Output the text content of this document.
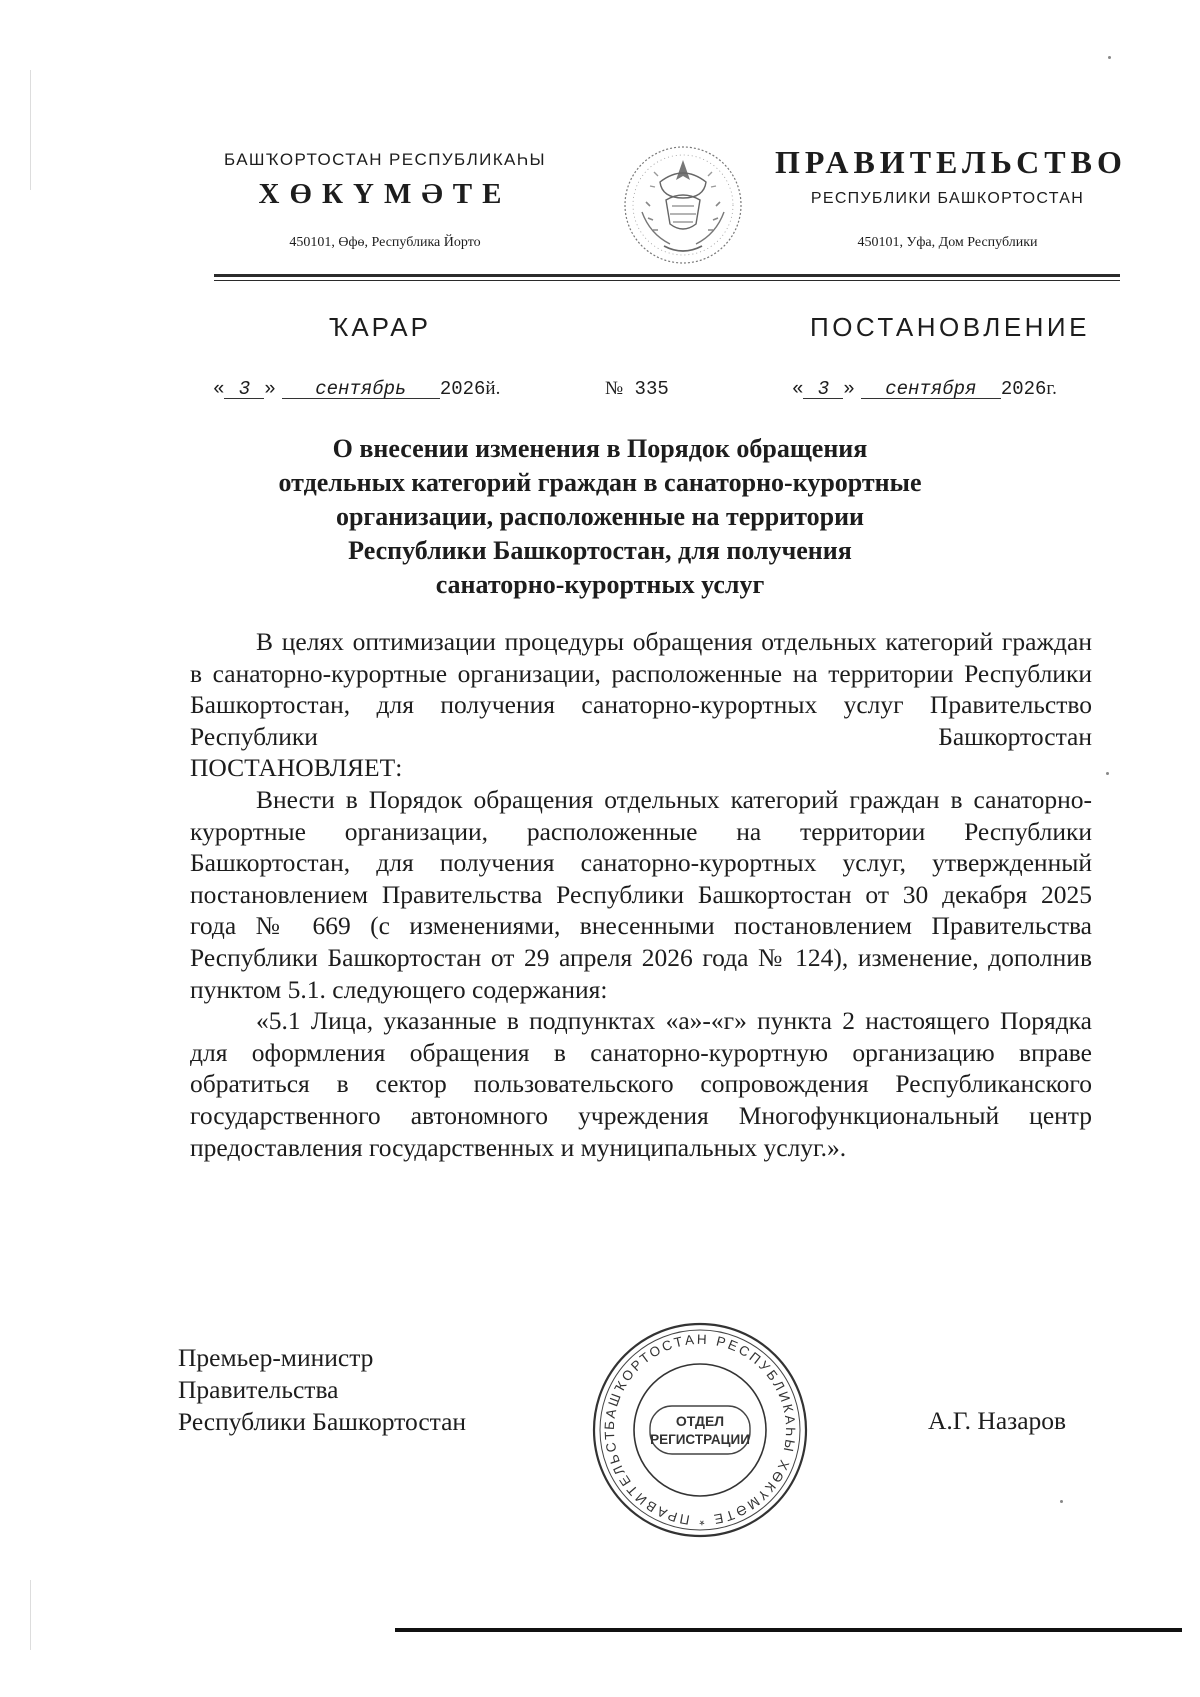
БАШҠОРТОСТАН РЕСПУБЛИКАҺЫ
ХӨКҮМӘТЕ
450101, Өфө, Республика Йорто
ПРАВИТЕЛЬСТВО
РЕСПУБЛИКИ БАШКОРТОСТАН
450101, Уфа, Дом Республики
ҠАРАР	ПОСТАНОВЛЕНИЕ
« 3 » сентябрь 2026й.	№ 335	« 3 » сентября 2026г.
О внесении изменения в Порядок обращения
отдельных категорий граждан в санаторно-курортные
организации, расположенные на территории
Республики Башкортостан, для получения
санаторно-курортных услуг

В целях оптимизации процедуры обращения отдельных категорий граждан в санаторно-курортные организации, расположенные на территории Республики Башкортостан, для получения санаторно-курортных услуг Правительство Республики Башкортостан

ПОСТАНОВЛЯЕТ:

Внести в Порядок обращения отдельных категорий граждан в санаторно-курортные организации, расположенные на территории Республики Башкортостан, для получения санаторно-курортных услуг, утвержденный постановлением Правительства Республики Башкортостан от 30 декабря 2025 года № 669 (с изменениями, внесенными постановлением Правительства Республики Башкортостан от 29 апреля 2026 года № 124), изменение, дополнив пунктом 5.1. следующего содержания:

«5.1 Лица, указанные в подпунктах «а»-«г» пункта 2 настоящего Порядка для оформления обращения в санаторно-курортную организацию вправе обратиться в сектор пользовательского сопровождения Республиканского государственного автономного учреждения Многофункциональный центр предоставления государственных и муниципальных услуг.».

Премьер-министр
Правительства
Республики Башкортостан	БАШҠОРТОСТАН РЕСПУБЛИКАҺЫ ХӨКҮМӘТЕ * ПРАВИТЕЛЬСТ
ОТДЕЛ
РЕГИСТРАЦИИ
А.Г. Назаров
